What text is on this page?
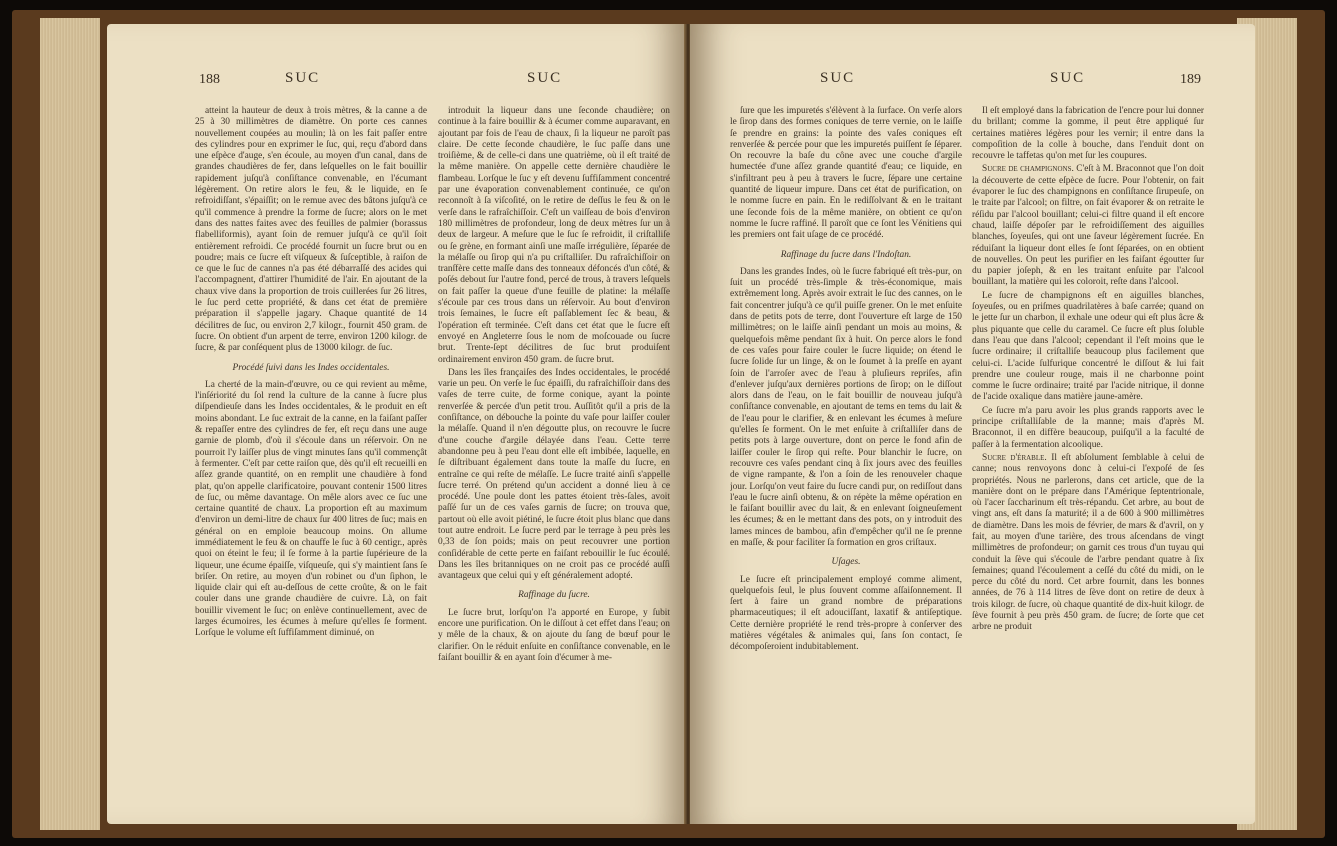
188	SUC	SUC

atteint la hauteur de deux à trois mètres, & la canne a de 25 à 30 millimètres de diamètre. On porte ces cannes nouvellement coupées au moulin; là on les fait paſſer entre des cylindres pour en exprimer le ſuc, qui, reçu d'abord dans une eſpèce d'auge, s'en écoule, au moyen d'un canal, dans de grandes chaudières de fer, dans leſquelles on le fait bouillir rapidement juſqu'à conſiſtance convenable, en l'écumant légèrement. On retire alors le feu, & le liquide, en ſe refroidiſſant, s'épaiſſit; on le remue avec des bâtons juſqu'à ce qu'il commence à prendre la forme de ſucre; alors on le met dans des nattes faites avec des feuilles de palmier (borassus flabelliformis), ayant ſoin de remuer juſqu'à ce qu'il ſoit entièrement refroidi. Ce procédé fournit un ſucre brut ou en poudre; mais ce ſucre eſt viſqueux & ſuſceptible, à raiſon de ce que le ſuc de cannes n'a pas été débarraſſé des acides qui l'accompagnent, d'attirer l'humidité de l'air. En ajoutant de la chaux vive dans la proportion de trois cuillerées ſur 26 litres, le ſuc perd cette propriété, & dans cet état de première préparation il s'appelle jagary. Chaque quantité de 14 décilitres de ſuc, ou environ 2,7 kilogr., fournit 450 gram. de ſucre. On obtient d'un arpent de terre, environ 1200 kilogr. de ſucre, & par conſéquent plus de 13000 kilogr. de ſuc.

Procédé ſuivi dans les Indes occidentales.

La cherté de la main-d'œuvre, ou ce qui revient au même, l'inſériorité du ſol rend la culture de la canne à ſucre plus diſpendieuſe dans les Indes occidentales, & le produit en eſt moins abondant. Le ſuc extrait de la canne, en la faiſant paſſer & repaſſer entre des cylindres de fer, eſt reçu dans une auge garnie de plomb, d'où il s'écoule dans un réſervoir. On ne pourroit l'y laiſſer plus de vingt minutes ſans qu'il commençât à fermenter. C'eſt par cette raiſon que, dès qu'il eſt recueilli en aſſez grande quantité, on en remplit une chaudière à fond plat, qu'on appelle clarificatoire, pouvant contenir 1500 litres de ſuc, ou même davantage. On mêle alors avec ce ſuc une certaine quantité de chaux. La proportion eſt au maximum d'environ un demi-litre de chaux ſur 400 litres de ſuc; mais en général on en emploie beaucoup moins. On allume immédiatement le feu & on chauffe le ſuc à 60 centigr., après quoi on éteint le feu; il ſe forme à la partie ſupérieure de la liqueur, une écume épaiſſe, viſqueuſe, qui s'y maintient ſans ſe briſer. On retire, au moyen d'un robinet ou d'un ſiphon, le liquide clair qui eſt au-deſſous de cette croûte, & on le fait couler dans une grande chaudière de cuivre. Là, on fait bouillir vivement le ſuc; on enlève continuellement, avec de larges écumoires, les écumes à meſure qu'elles ſe forment. Lorſque le volume eſt ſuffiſamment diminué, on

introduit la liqueur dans une ſeconde chaudière; on continue à la faire bouillir & à écumer comme auparavant, en ajoutant par fois de l'eau de chaux, ſi la liqueur ne paroît pas claire. De cette ſeconde chaudière, le ſuc paſſe dans une troiſième, & de celle-ci dans une quatrième, où il eſt traité de la même manière. On appelle cette dernière chaudière le flambeau. Lorſque le ſuc y eſt devenu ſuffiſamment concentré par une évaporation convenablement continuée, ce qu'on reconnoît à ſa viſcoſité, on le retire de deſſus le feu & on le verſe dans le rafraîchiſſoir. C'eſt un vaiſſeau de bois d'environ 180 millimètres de profondeur, long de deux mètres ſur un à deux de largeur. A meſure que le ſuc ſe refroidit, il criſtalliſe ou ſe grène, en formant ainſi une maſſe irrégulière, ſéparée de la mélaſſe ou ſirop qui n'a pu criſtalliſer. Du rafraîchiſſoir on tranſfère cette maſſe dans des tonneaux défoncés d'un côté, & poſés debout ſur l'autre fond, percé de trous, à travers leſquels on fait paſſer la queue d'une feuille de platine: la mélaſſe s'écoule par ces trous dans un réſervoir. Au bout d'environ trois ſemaines, le ſucre eſt paſſablement ſec & beau, & l'opération eſt terminée. C'eſt dans cet état que le ſucre eſt envoyé en Angleterre ſous le nom de moſcouade ou ſucre brut. Trente-ſept décilitres de ſuc brut produiſent ordinairement environ 450 gram. de ſucre brut.

Dans les îles françaiſes des Indes occidentales, le procédé varie un peu. On verſe le ſuc épaiſſi, du rafraîchiſſoir dans des vaſes de terre cuite, de forme conique, ayant la pointe renverſée & percée d'un petit trou. Auſſitôt qu'il a pris de la conſiſtance, on débouche la pointe du vaſe pour laiſſer couler la mélaſſe. Quand il n'en dégoutte plus, on recouvre le ſucre d'une couche d'argile délayée dans l'eau. Cette terre abandonne peu à peu l'eau dont elle eſt imbibée, laquelle, en ſe diſtribuant également dans toute la maſſe du ſucre, en entraîne ce qui reſte de mélaſſe. Le ſucre traité ainſi s'appelle ſucre terré. On prétend qu'un accident a donné lieu à ce procédé. Une poule dont les pattes étoient très-ſales, avoit paſſé ſur un de ces vaſes garnis de ſucre; on trouva que, partout où elle avoit piétiné, le ſucre étoit plus blanc que dans tout autre endroit. Le ſucre perd par le terrage à peu près les 0,33 de ſon poids; mais on peut recouvrer une portion conſidérable de cette perte en faiſant rebouillir le ſuc écoulé. Dans les îles britanniques on ne croit pas ce procédé auſſi avantageux que celui qui y eſt généralement adopté.

Raffinage du ſucre.

Le ſucre brut, lorſqu'on l'a apporté en Europe, y ſubit encore une purification. On le diſſout à cet effet dans l'eau; on y mêle de la chaux, & on ajoute du ſang de bœuf pour le clarifier. On le réduit enſuite en conſiſtance convenable, en le faiſant bouillir & en ayant ſoin d'écumer à me-

SUC	SUC	189

ſure que les impuretés s'élèvent à la ſurface. On verſe alors le ſirop dans des formes coniques de terre vernie, on le laiſſe ſe prendre en grains: la pointe des vaſes coniques eſt renverſée & percée pour que les impuretés puiſſent ſe ſéparer. On recouvre la baſe du cône avec une couche d'argile humectée d'une aſſez grande quantité d'eau; ce liquide, en s'infiltrant peu à peu à travers le ſucre, ſépare une certaine quantité de liqueur impure. Dans cet état de purification, on le nomme ſucre en pain. En le rediſſolvant & en le traitant une ſeconde fois de la même manière, on obtient ce qu'on nomme le ſucre raffiné. Il paroît que ce ſont les Vénitiens qui les premiers ont fait uſage de ce procédé.

Raffinage du ſucre dans l'Indoſtan.

Dans les grandes Indes, où le ſucre fabriqué eſt très-pur, on ſuit un procédé très-ſimple & très-économique, mais extrêmement long. Après avoir extrait le ſuc des cannes, on le fait concentrer juſqu'à ce qu'il puiſſe grener. On le met enſuite dans de petits pots de terre, dont l'ouverture eſt large de 150 millimètres; on le laiſſe ainſi pendant un mois au moins, & quelquefois même pendant ſix à huit. On perce alors le fond de ces vaſes pour faire couler le ſucre liquide; on étend le ſucre ſolide ſur un linge, & on le ſoumet à la preſſe en ayant ſoin de l'arroſer avec de l'eau à pluſieurs repriſes, afin d'enlever juſqu'aux dernières portions de ſirop; on le diſſout alors dans de l'eau, on le fait bouillir de nouveau juſqu'à conſiſtance convenable, en ajoutant de tems en tems du lait & de l'eau pour le clarifier, & en enlevant les écumes à meſure qu'elles ſe forment. On le met enſuite à criſtalliſer dans de petits pots à large ouverture, dont on perce le fond afin de laiſſer couler le ſirop qui reſte. Pour blanchir le ſucre, on recouvre ces vaſes pendant cinq à ſix jours avec des feuilles de vigne rampante, & l'on a ſoin de les renouveler chaque jour. Lorſqu'on veut faire du ſucre candi pur, on rediſſout dans l'eau le ſucre ainſi obtenu, & on répète la même opération en le faiſant bouillir avec du lait, & en enlevant ſoigneuſement les écumes; & en le mettant dans des pots, on y introduit des lames minces de bambou, afin d'empêcher qu'il ne ſe prenne en maſſe, & pour faciliter ſa formation en gros criſtaux.

Uſages.

Le ſucre eſt principalement employé comme aliment, quelquefois ſeul, le plus ſouvent comme aſſaiſonnement. Il ſert à faire un grand nombre de préparations pharmaceutiques; il eſt adouciſſant, laxatif & antiſeptique. Cette dernière propriété le rend très-propre à conſerver des matières végétales & animales qui, ſans ſon contact, ſe décompoſeroient indubitablement.

Il eſt employé dans la fabrication de l'encre pour lui donner du brillant; comme la gomme, il peut être appliqué ſur certaines matières légères pour les vernir; il entre dans la compoſition de la colle à bouche, dans l'enduit dont on recouvre le taffetas qu'on met ſur les coupures.

Sucre de champignons. C'eſt à M. Braconnot que l'on doit la découverte de cette eſpèce de ſucre. Pour l'obtenir, on fait évaporer le ſuc des champignons en conſiſtance ſirupeuſe, on le traite par l'alcool; on filtre, on fait évaporer & on retraite le réſidu par l'alcool bouillant; celui-ci filtre quand il eſt encore chaud, laiſſe dépoſer par le refroidiſſement des aiguilles blanches, ſoyeuſes, qui ont une ſaveur légèrement ſucrée. En réduiſant la liqueur dont elles ſe ſont ſéparées, on en obtient de nouvelles. On peut les purifier en les faiſant égoutter ſur du papier joſeph, & en les traitant enſuite par l'alcool bouillant, la matière qui les coloroit, reſte dans l'alcool.

Le ſucre de champignons eſt en aiguilles blanches, ſoyeuſes, ou en priſmes quadrilatères à baſe carrée; quand on le jette ſur un charbon, il exhale une odeur qui eſt plus âcre & plus piquante que celle du caramel. Ce ſucre eſt plus ſoluble dans l'eau que dans l'alcool; cependant il l'eſt moins que le ſucre ordinaire; il criſtalliſe beaucoup plus facilement que celui-ci. L'acide ſulfurique concentré le diſſout & lui fait prendre une couleur rouge, mais il ne charbonne point comme le ſucre ordinaire; traité par l'acide nitrique, il donne de l'acide oxalique dans matière jaune-amère.

Ce ſucre m'a paru avoir les plus grands rapports avec le principe criſtalliſable de la manne; mais d'après M. Braconnot, il en diffère beaucoup, puiſqu'il a la faculté de paſſer à la fermentation alcoolique.

Sucre d'érable. Il eſt abſolument ſemblable à celui de canne; nous renvoyons donc à celui-ci l'expoſé de ſes propriétés. Nous ne parlerons, dans cet article, que de la manière dont on le prépare dans l'Amérique ſeptentrionale, où l'acer ſaccharinum eſt très-répandu. Cet arbre, au bout de vingt ans, eſt dans ſa maturité; il a de 600 à 900 millimètres de diamètre. Dans les mois de février, de mars & d'avril, on y fait, au moyen d'une tarière, des trous aſcendans de vingt millimètres de profondeur; on garnit ces trous d'un tuyau qui conduit la ſève qui s'écoule de l'arbre pendant quatre à ſix ſemaines; quand l'écoulement a ceſſé du côté du midi, on le perce du côté du nord. Cet arbre fournit, dans les bonnes années, de 76 à 114 litres de ſève dont on retire de deux à trois kilogr. de ſucre, où chaque quantité de dix-huit kilogr. de ſève fournit à peu près 450 gram. de ſucre; de ſorte que cet arbre ne produit
